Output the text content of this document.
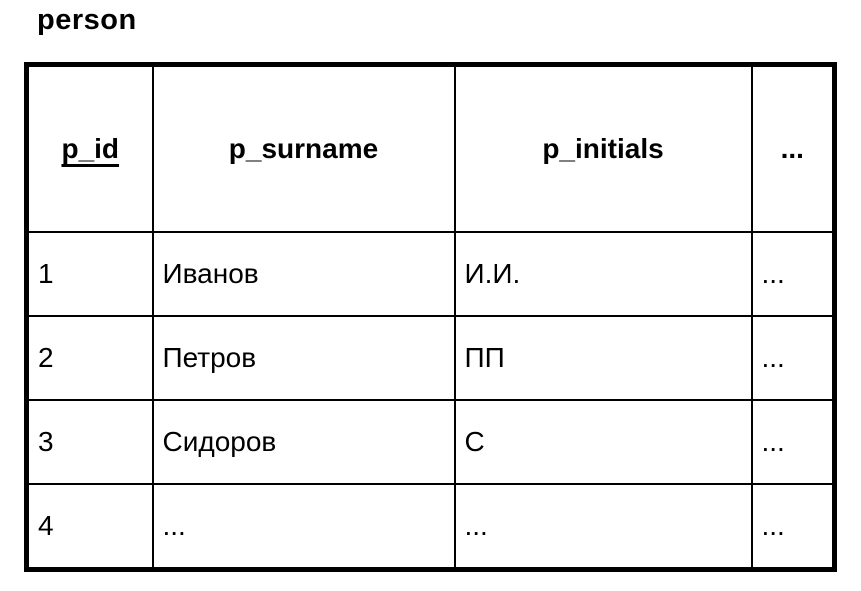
person
p_id	p_surname	p_initials	...
1	Иванов	И.И.	...
2	Петров	ПП	...
3	Сидоров	С	...
4	...	...	...
